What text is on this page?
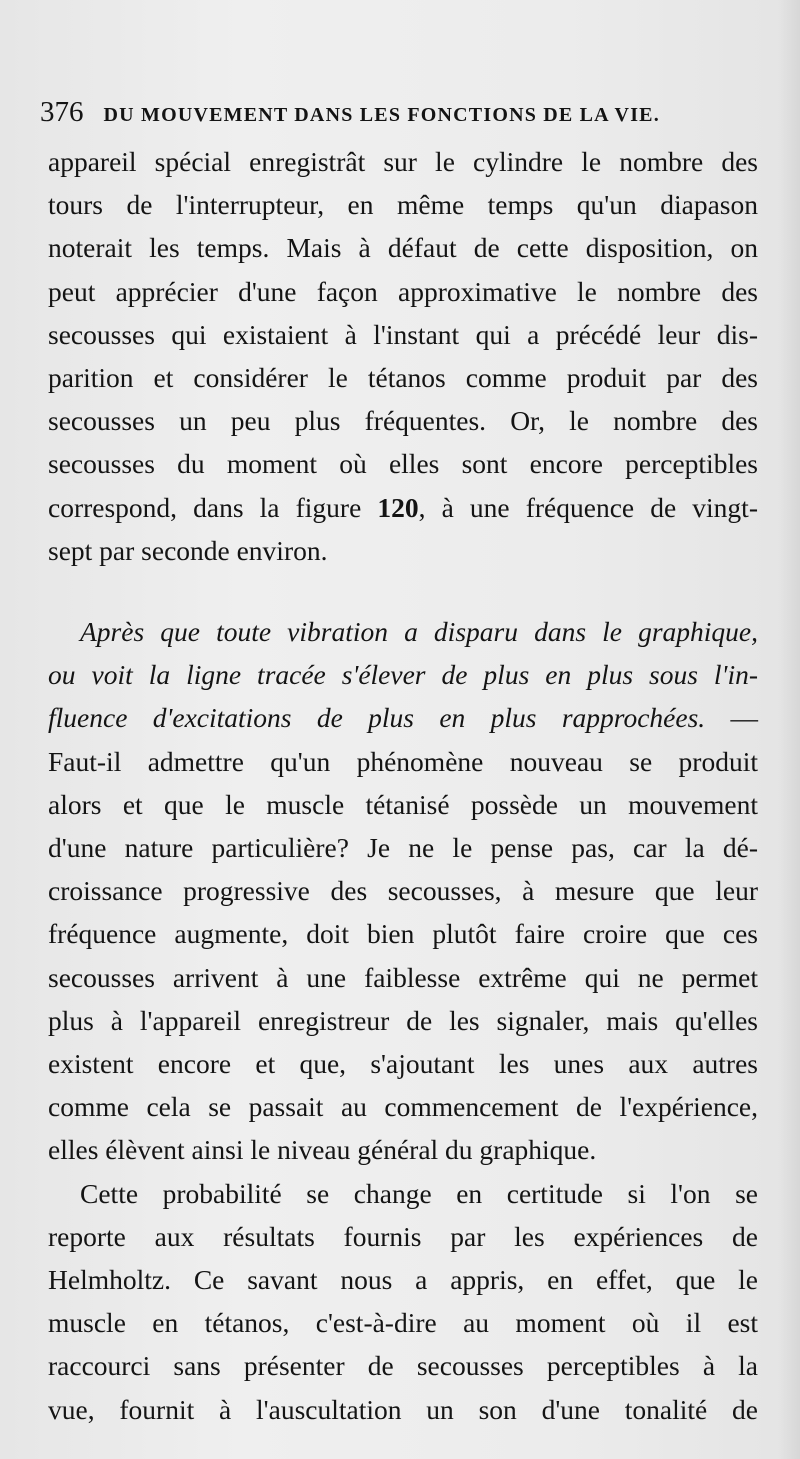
376 DU MOUVEMENT DANS LES FONCTIONS DE LA VIE.

appareil spécial enregistrât sur le cylindre le nombre des
tours de l'interrupteur, en même temps qu'un diapason
noterait les temps. Mais à défaut de cette disposition, on
peut apprécier d'une façon approximative le nombre des
secousses qui existaient à l'instant qui a précédé leur dis-
parition et considérer le tétanos comme produit par des
secousses un peu plus fréquentes. Or, le nombre des
secousses du moment où elles sont encore perceptibles
correspond, dans la figure 120, à une fréquence de vingt-
sept par seconde environ.

Après que toute vibration a disparu dans le graphique,
ou voit la ligne tracée s'élever de plus en plus sous l'in-
fluence d'excitations de plus en plus rapprochées. —
Faut-il admettre qu'un phénomène nouveau se produit
alors et que le muscle tétanisé possède un mouvement
d'une nature particulière? Je ne le pense pas, car la dé-
croissance progressive des secousses, à mesure que leur
fréquence augmente, doit bien plutôt faire croire que ces
secousses arrivent à une faiblesse extrême qui ne permet
plus à l'appareil enregistreur de les signaler, mais qu'elles
existent encore et que, s'ajoutant les unes aux autres
comme cela se passait au commencement de l'expérience,
elles élèvent ainsi le niveau général du graphique.

Cette probabilité se change en certitude si l'on se
reporte aux résultats fournis par les expériences de
Helmholtz. Ce savant nous a appris, en effet, que le
muscle en tétanos, c'est-à-dire au moment où il est
raccourci sans présenter de secousses perceptibles à la
vue, fournit à l'auscultation un son d'une tonalité de
